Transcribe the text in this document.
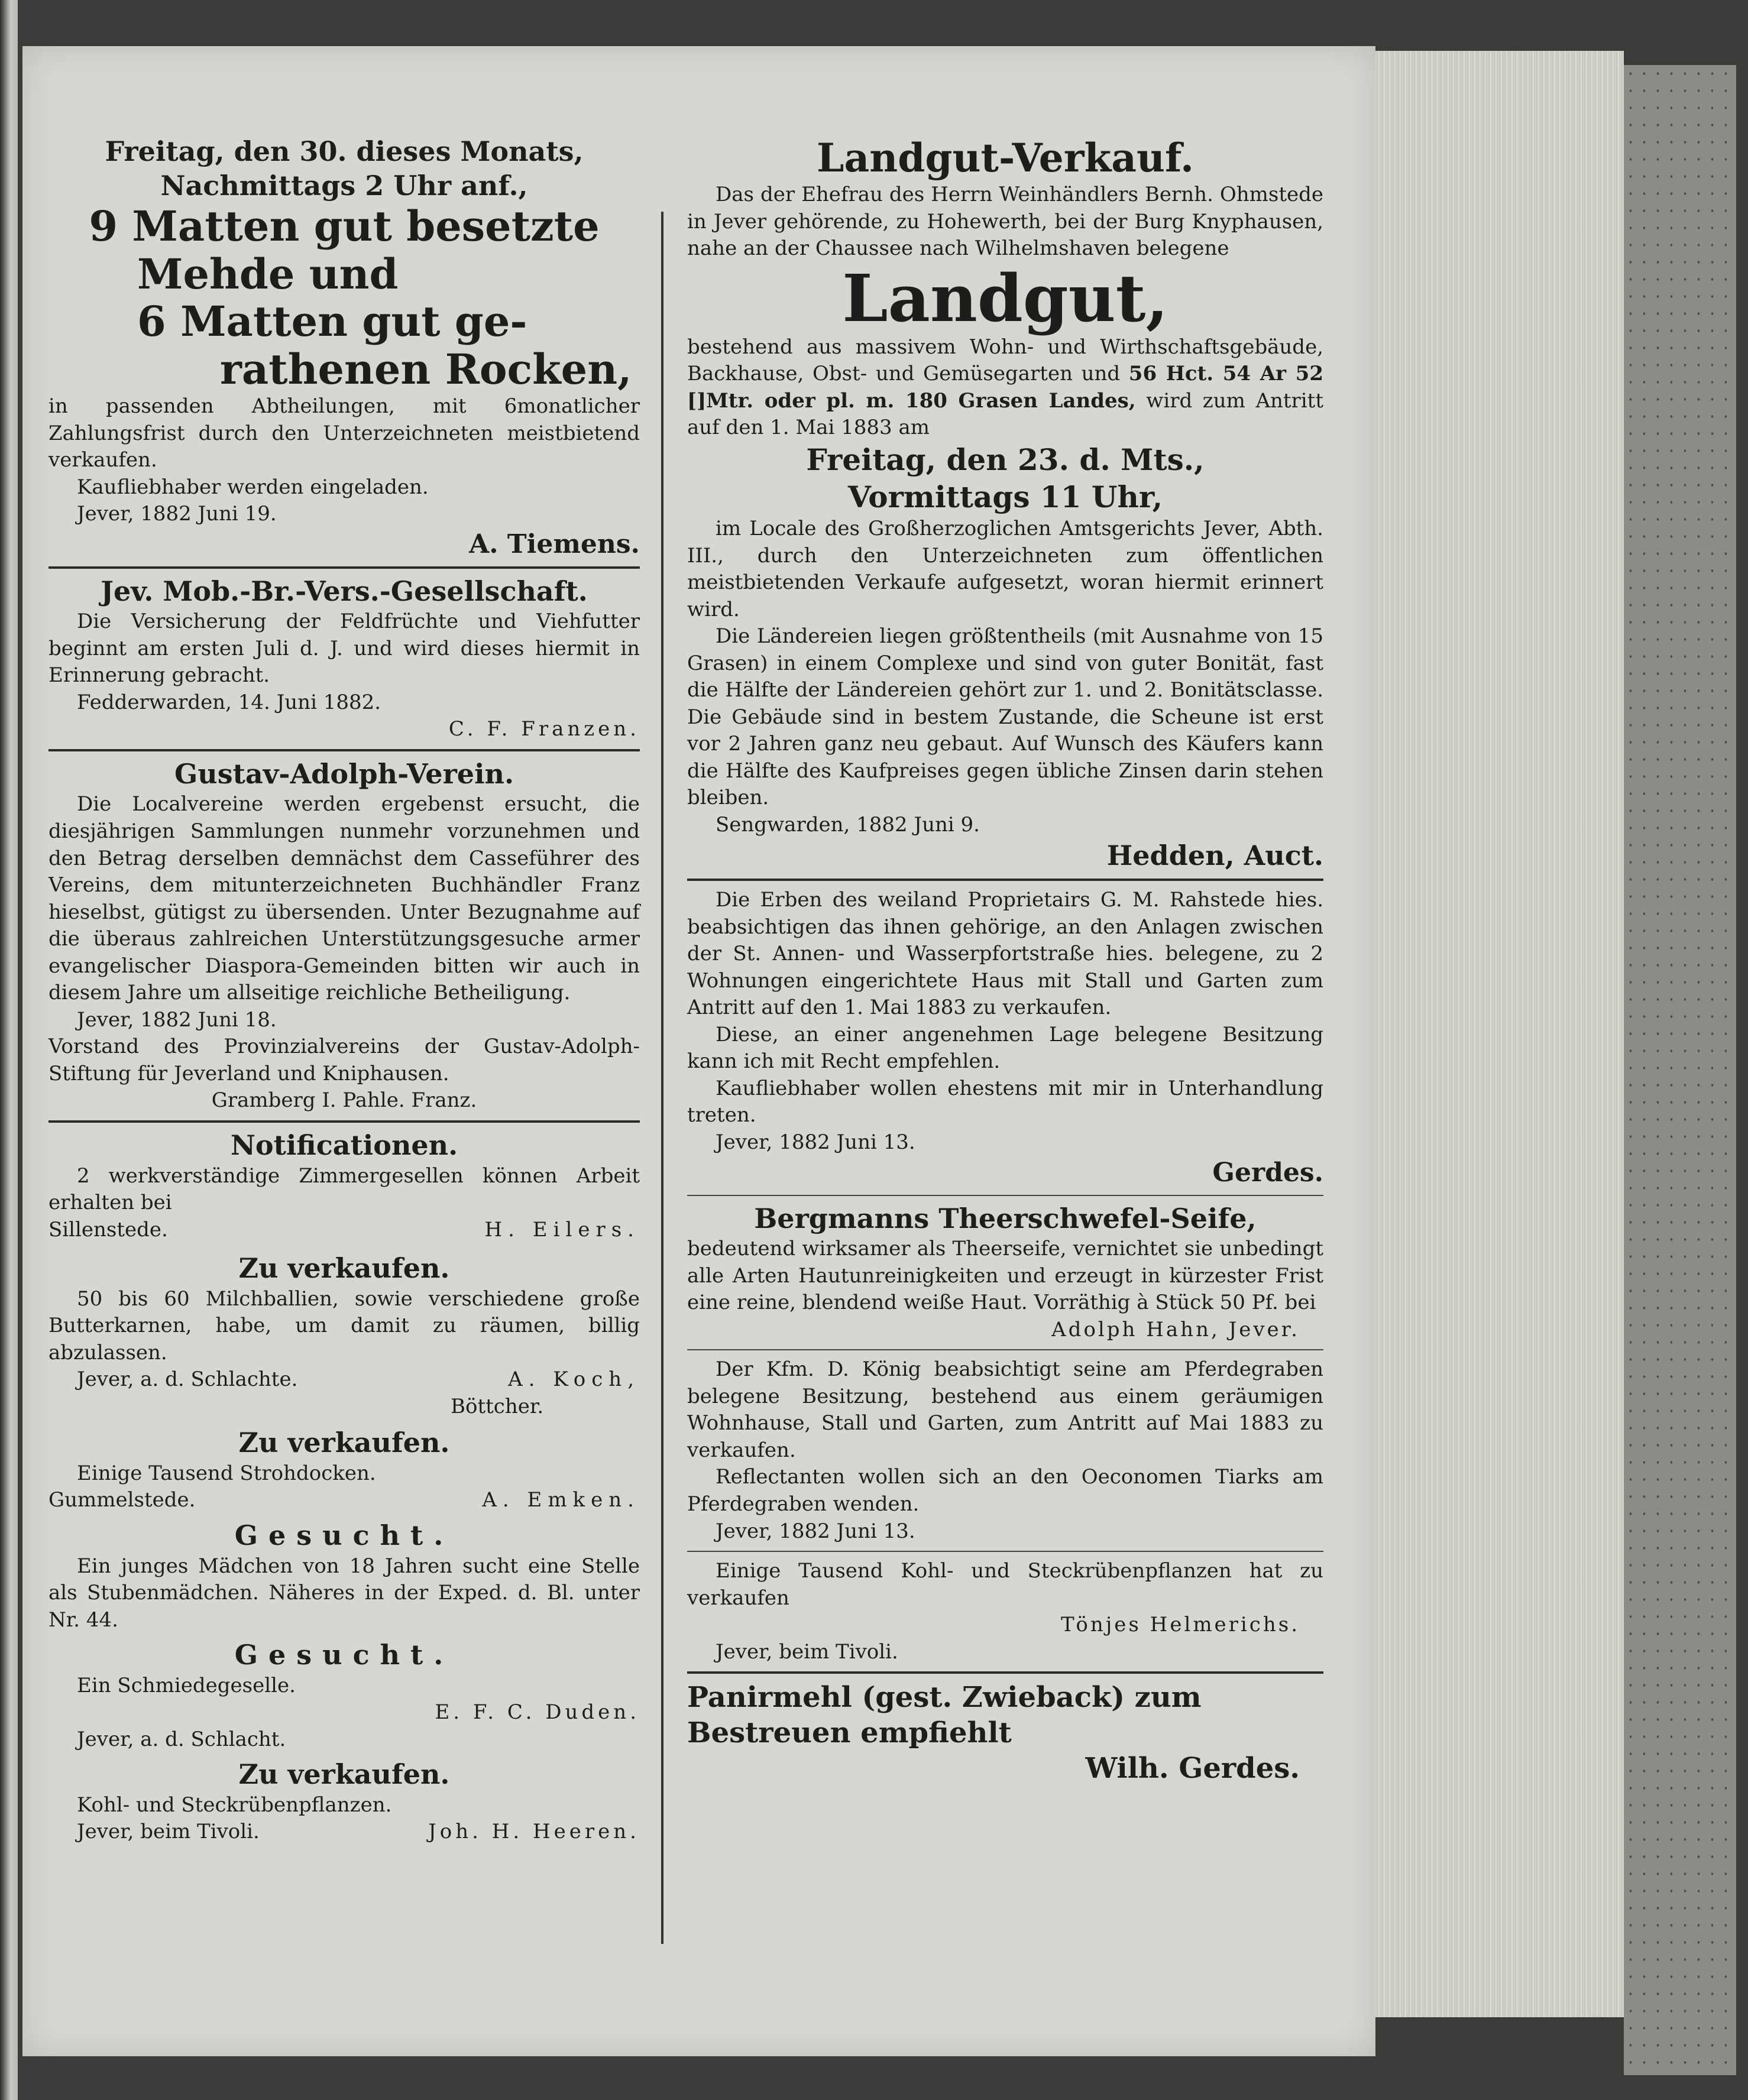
Freitag, den 30. dieses Monats,
Nachmittags 2 Uhr anf.,
9 Matten gut besetzte
Mehde und
6 Matten gut ge-
rathenen Rocken,
in passenden Abtheilungen, mit 6monatlicher Zahlungsfrist durch den Unterzeichneten meistbietend verkaufen.
Kaufliebhaber werden eingeladen.
Jever, 1882 Juni 19.
A. Tiemens.
Jev. Mob.-Br.-Vers.-Gesellschaft.
Die Versicherung der Feldfrüchte und Viehfutter beginnt am ersten Juli d. J. und wird dieses hiermit in Erinnerung gebracht.
Fedderwarden, 14. Juni 1882.
C. F. Franzen.
Gustav-Adolph-Verein.
Die Localvereine werden ergebenst ersucht, die diesjährigen Sammlungen nunmehr vorzunehmen und den Betrag derselben demnächst dem Casseführer des Vereins, dem mitunterzeichneten Buchhändler Franz hieselbst, gütigst zu übersenden. Unter Bezugnahme auf die überaus zahlreichen Unterstützungsgesuche armer evangelischer Diaspora-Gemeinden bitten wir auch in diesem Jahre um allseitige reichliche Betheiligung.
Jever, 1882 Juni 18.
Vorstand des Provinzialvereins der Gustav-Adolph-Stiftung für Jeverland und Kniphausen.
Gramberg I. Pahle. Franz.
Notificationen.
2 werkverständige Zimmergesellen können Arbeit erhalten bei
Sillenstede.	H. Eilers.
Zu verkaufen.
50 bis 60 Milchballien, sowie verschiedene große Butterkarnen, habe, um damit zu räumen, billig abzulassen.
Jever, a. d. Schlachte.	A. Koch,
Böttcher.
Zu verkaufen.
Einige Tausend Strohdocken.
Gummelstede.	A. Emken.
Gesucht.
Ein junges Mädchen von 18 Jahren sucht eine Stelle als Stubenmädchen. Näheres in der Exped. d. Bl. unter Nr. 44.
Gesucht.
Ein Schmiedegeselle.
E. F. C. Duden.
Jever, a. d. Schlacht.
Zu verkaufen.
Kohl- und Steckrübenpflanzen.
Jever, beim Tivoli.	Joh. H. Heeren.
Landgut-Verkauf.
Das der Ehefrau des Herrn Weinhändlers Bernh. Ohmstede in Jever gehörende, zu Hohewerth, bei der Burg Knyphausen, nahe an der Chaussee nach Wilhelmshaven belegene
Landgut,
bestehend aus massivem Wohn- und Wirthschaftsgebäude, Backhause, Obst- und Gemüsegarten und 56 Hct. 54 Ar 52 []Mtr. oder pl. m. 180 Grasen Landes, wird zum Antritt auf den 1. Mai 1883 am
Freitag, den 23. d. Mts.,
Vormittags 11 Uhr,
im Locale des Großherzoglichen Amtsgerichts Jever, Abth. III., durch den Unterzeichneten zum öffentlichen meistbietenden Verkaufe aufgesetzt, woran hiermit erinnert wird.
Die Ländereien liegen größtentheils (mit Ausnahme von 15 Grasen) in einem Complexe und sind von guter Bonität, fast die Hälfte der Ländereien gehört zur 1. und 2. Bonitätsclasse. Die Gebäude sind in bestem Zustande, die Scheune ist erst vor 2 Jahren ganz neu gebaut. Auf Wunsch des Käufers kann die Hälfte des Kaufpreises gegen übliche Zinsen darin stehen bleiben.
Sengwarden, 1882 Juni 9.
Hedden, Auct.
Die Erben des weiland Proprietairs G. M. Rahstede hies. beabsichtigen das ihnen gehörige, an den Anlagen zwischen der St. Annen- und Wasserpfortstraße hies. belegene, zu 2 Wohnungen eingerichtete Haus mit Stall und Garten zum Antritt auf den 1. Mai 1883 zu verkaufen.
Diese, an einer angenehmen Lage belegene Besitzung kann ich mit Recht empfehlen.
Kaufliebhaber wollen ehestens mit mir in Unterhandlung treten.
Jever, 1882 Juni 13.
Gerdes.
Bergmanns Theerschwefel-Seife,
bedeutend wirksamer als Theerseife, vernichtet sie unbedingt alle Arten Hautunreinigkeiten und erzeugt in kürzester Frist eine reine, blendend weiße Haut. Vorräthig à Stück 50 Pf. bei
Adolph Hahn, Jever.
Der Kfm. D. König beabsichtigt seine am Pferdegraben belegene Besitzung, bestehend aus einem geräumigen Wohnhause, Stall und Garten, zum Antritt auf Mai 1883 zu verkaufen.
Reflectanten wollen sich an den Oeconomen Tiarks am Pferdegraben wenden.
Jever, 1882 Juni 13.
Einige Tausend Kohl- und Steckrübenpflanzen hat zu verkaufen
Tönjes Helmerichs.
Jever, beim Tivoli.
Panirmehl (gest. Zwieback) zum Bestreuen empfiehlt
Wilh. Gerdes.
